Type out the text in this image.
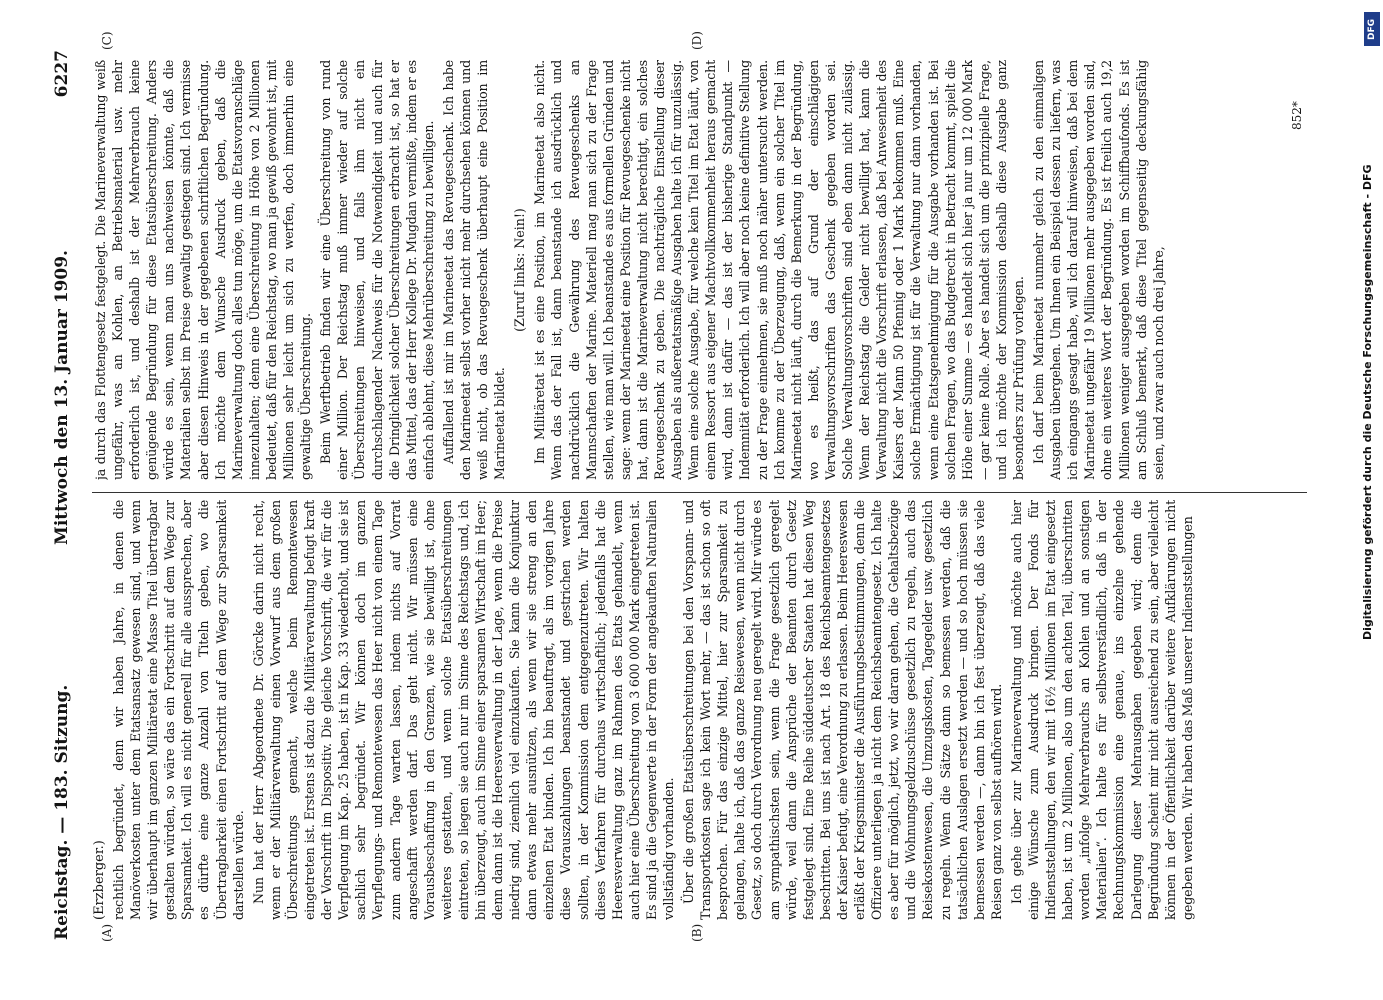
Reichstag. — 183. Sitzung.
Mittwoch den 13. Januar 1909.
6227
(A)	(B)
(C)	(D)
(Erzberger.) rechtlich begründet, denn wir haben Jahre, in denen die Manöverkosten unter dem Etatsansatz gewesen sind, und wenn wir überhaupt im ganzen Militäretat eine Masse Titel übertragbar gestalten würden, so wäre das ein Fortschritt auf dem Wege zur Sparsamkeit. Ich will es nicht generell für alle aussprechen, aber es dürfte eine ganze Anzahl von Titeln geben, wo die Übertragbarkeit einen Fortschritt auf dem Wege zur Sparsamkeit darstellen würde. Nun hat der Herr Abgeordnete Dr. Görcke darin nicht recht, wenn er der Militärverwaltung einen Vorwurf aus dem großen Überschreitungs gemacht, welche beim Remontewesen eingetreten ist. Erstens ist dazu die Militärverwaltung befugt kraft der Vorschrift im Dispositiv. Die gleiche Vorschrift, die wir für die Verpflegung im Kap. 25 haben, ist in Kap. 33 wiederholt, und sie ist sachlich sehr begründet. Wir können doch im ganzen Verpflegungs- und Remontewesen das Heer nicht von einem Tage zum andern Tage warten lassen, indem nichts auf Vorrat angeschafft werden darf. Das geht nicht. Wir müssen eine Vorausbeschaffung in den Grenzen, wie sie bewilligt ist, ohne weiteres gestatten, und wenn solche Etatsüberschreitungen eintreten, so liegen sie auch nur im Sinne des Reichstags und, ich bin überzeugt, auch im Sinne einer sparsamen Wirtschaft im Heer; denn dann ist die Heeresverwaltung in der Lage, wenn die Preise niedrig sind, ziemlich viel einzukaufen. Sie kann die Konjunktur dann etwas mehr ausnützen, als wenn wir sie streng an den einzelnen Etat binden. Ich bin beauftragt, als im vorigen Jahre diese Vorauszahlungen beanstandet und gestrichen werden sollten, in der Kommission dem entgegenzutreten. Wir halten dieses Verfahren für durchaus wirtschaftlich; jedenfalls hat die Heeresverwaltung ganz im Rahmen des Etats gehandelt, wenn auch hier eine Überschreitung von 3 600 000 Mark eingetreten ist. Es sind ja die Gegenwerte in der Form der angekauften Naturalien vollständig vorhanden. Über die großen Etatsüberschreitungen bei den Vorspann- und Transportkosten sage ich kein Wort mehr, — das ist schon so oft besprochen. Für das einzige Mittel, hier zur Sparsamkeit zu gelangen, halte ich, daß das ganze Reisewesen, wenn nicht durch Gesetz, so doch durch Verordnung neu geregelt wird. Mir würde es am sympathischsten sein, wenn die Frage gesetzlich geregelt würde, weil dann die Ansprüche der Beamten durch Gesetz festgelegt sind. Eine Reihe süddeutscher Staaten hat diesen Weg beschritten. Bei uns ist nach Art. 18 des Reichsbeamtengesetzes der Kaiser befugt, eine Verordnung zu erlassen. Beim Heereswesen erläßt der Kriegsminister die Ausführungsbestimmungen, denn die Offiziere unterliegen ja nicht dem Reichsbeamtengesetz. Ich halte es aber für möglich, jetzt, wo wir daran gehen, die Gehaltsbezüge und die Wohnungsgeldzuschüsse gesetzlich zu regeln, auch das Reisekostenwesen, die Umzugskosten, Tagegelder usw. gesetzlich zu regeln. Wenn die Sätze dann so bemessen werden, daß die tatsächlichen Auslagen ersetzt werden — und so hoch müssen sie bemessen werden —, dann bin ich fest überzeugt, daß das viele Reisen ganz von selbst aufhören wird. Ich gehe über zur Marineverwaltung und möchte auch hier einige Wünsche zum Ausdruck bringen. Der Fonds für Indienststellungen, den wir mit 16½ Millionen im Etat eingesetzt haben, ist um 2 Millionen, also um den achten Teil, überschritten worden „infolge Mehrverbrauchs an Kohlen und an sonstigen Materialien“. Ich halte es für selbstverständlich, daß in der Rechnungskommission eine genaue, ins einzelne gehende Darlegung dieser Mehrausgaben gegeben wird; denn die Begründung scheint mir nicht ausreichend zu sein, aber vielleicht können in der Öffentlichkeit darüber weitere Aufklärungen nicht gegeben werden. Wir haben das Maß unserer Indienststellungen

ja durch das Flottengesetz festgelegt. Die Marineverwaltung weiß ungefähr, was an Kohlen, an Betriebsmaterial usw. mehr erforderlich ist, und deshalb ist der Mehrverbrauch keine genügende Begründung für diese Etatsüberschreitung. Anders würde es sein, wenn man uns nachweisen könnte, daß die Materialien selbst im Preise gewaltig gestiegen sind. Ich vermisse aber diesen Hinweis in der gegebenen schriftlichen Begründung. Ich möchte dem Wunsche Ausdruck geben, daß die Marineverwaltung doch alles tun möge, um die Etatsvoranschläge innezuhalten; denn eine Überschreitung in Höhe von 2 Millionen bedeutet, daß für den Reichstag, wo man ja gewiß gewohnt ist, mit Millionen sehr leicht um sich zu werfen, doch immerhin eine gewaltige Überschreitung. Beim Werftbetrieb finden wir eine Überschreitung von rund einer Million. Der Reichstag muß immer wieder auf solche Überschreitungen hinweisen, und falls ihm nicht ein durchschlagender Nachweis für die Notwendigkeit und auch für die Dringlichkeit solcher Überschreitungen erbracht ist, so hat er das Mittel, das der Herr Kollege Dr. Mugdan vermißte, indem er es einfach ablehnt, diese Mehrüberschreitung zu bewilligen. Auffallend ist mir im Marineetat das Revuegeschenk. Ich habe den Marineetat selbst vorher nicht mehr durchsehen können und weiß nicht, ob das Revuegeschenk überhaupt eine Position im Marineetat bildet.

(Zuruf links: Nein!) Im Militäretat ist es eine Position, im Marineetat also nicht. Wenn das der Fall ist, dann beanstande ich ausdrücklich und nachdrücklich die Gewährung des Revuegeschenks an Mannschaften der Marine. Materiell mag man sich zu der Frage stellen, wie man will. Ich beanstande es aus formellen Gründen und sage: wenn der Marineetat eine Position für Revuegeschenke nicht hat, dann ist die Marineverwaltung nicht berechtigt, ein solches Revuegeschenk zu geben. Die nachträgliche Einstellung dieser Ausgaben als außeretatsmäßige Ausgaben halte ich für unzulässig. Wenn eine solche Ausgabe, für welche kein Titel im Etat läuft, von einem Ressort aus eigener Machtvollkommenheit heraus gemacht wird, dann ist dafür — das ist der bisherige Standpunkt — Indemnität erforderlich. Ich will aber noch keine definitive Stellung zu der Frage einnehmen, sie muß noch näher untersucht werden. Ich komme zu der Überzeugung, daß, wenn ein solcher Titel im Marineetat nicht läuft, durch die Bemerkung in der Begründung, wo es heißt, das auf Grund der einschlägigen Verwaltungsvorschriften das Geschenk gegeben worden sei. Solche Verwaltungsvorschriften sind eben dann nicht zulässig. Wenn der Reichstag die Gelder nicht bewilligt hat, kann die Verwaltung nicht die Vorschrift erlassen, daß bei Anwesenheit des Kaisers der Mann 50 Pfennig oder 1 Mark bekommen muß. Eine solche Ermächtigung ist für die Verwaltung nur dann vorhanden, wenn eine Etatsgenehmigung für die Ausgabe vorhanden ist. Bei solchen Fragen, wo das Budgetrecht in Betracht kommt, spielt die Höhe einer Summe — es handelt sich hier ja nur um 12 000 Mark — gar keine Rolle. Aber es handelt sich um die prinzipielle Frage, und ich möchte der Kommission deshalb diese Ausgabe ganz besonders zur Prüfung vorlegen. Ich darf beim Marineetat nunmehr gleich zu den einmaligen Ausgaben übergehen. Um Ihnen ein Beispiel dessen zu liefern, was ich eingangs gesagt habe, will ich darauf hinweisen, daß bei dem Marineetat ungefähr 19 Millionen mehr ausgegeben worden sind, ohne ein weiteres Wort der Begründung. Es ist freilich auch 19,2 Millionen weniger ausgegeben worden im Schiffbaufonds. Es ist am Schluß bemerkt, daß diese Titel gegenseitig deckungsfähig seien, und zwar auch noch drei Jahre,

852*
DFG
Digitalisierung gefördert durch die Deutsche Forschungsgemeinschaft - DFG
